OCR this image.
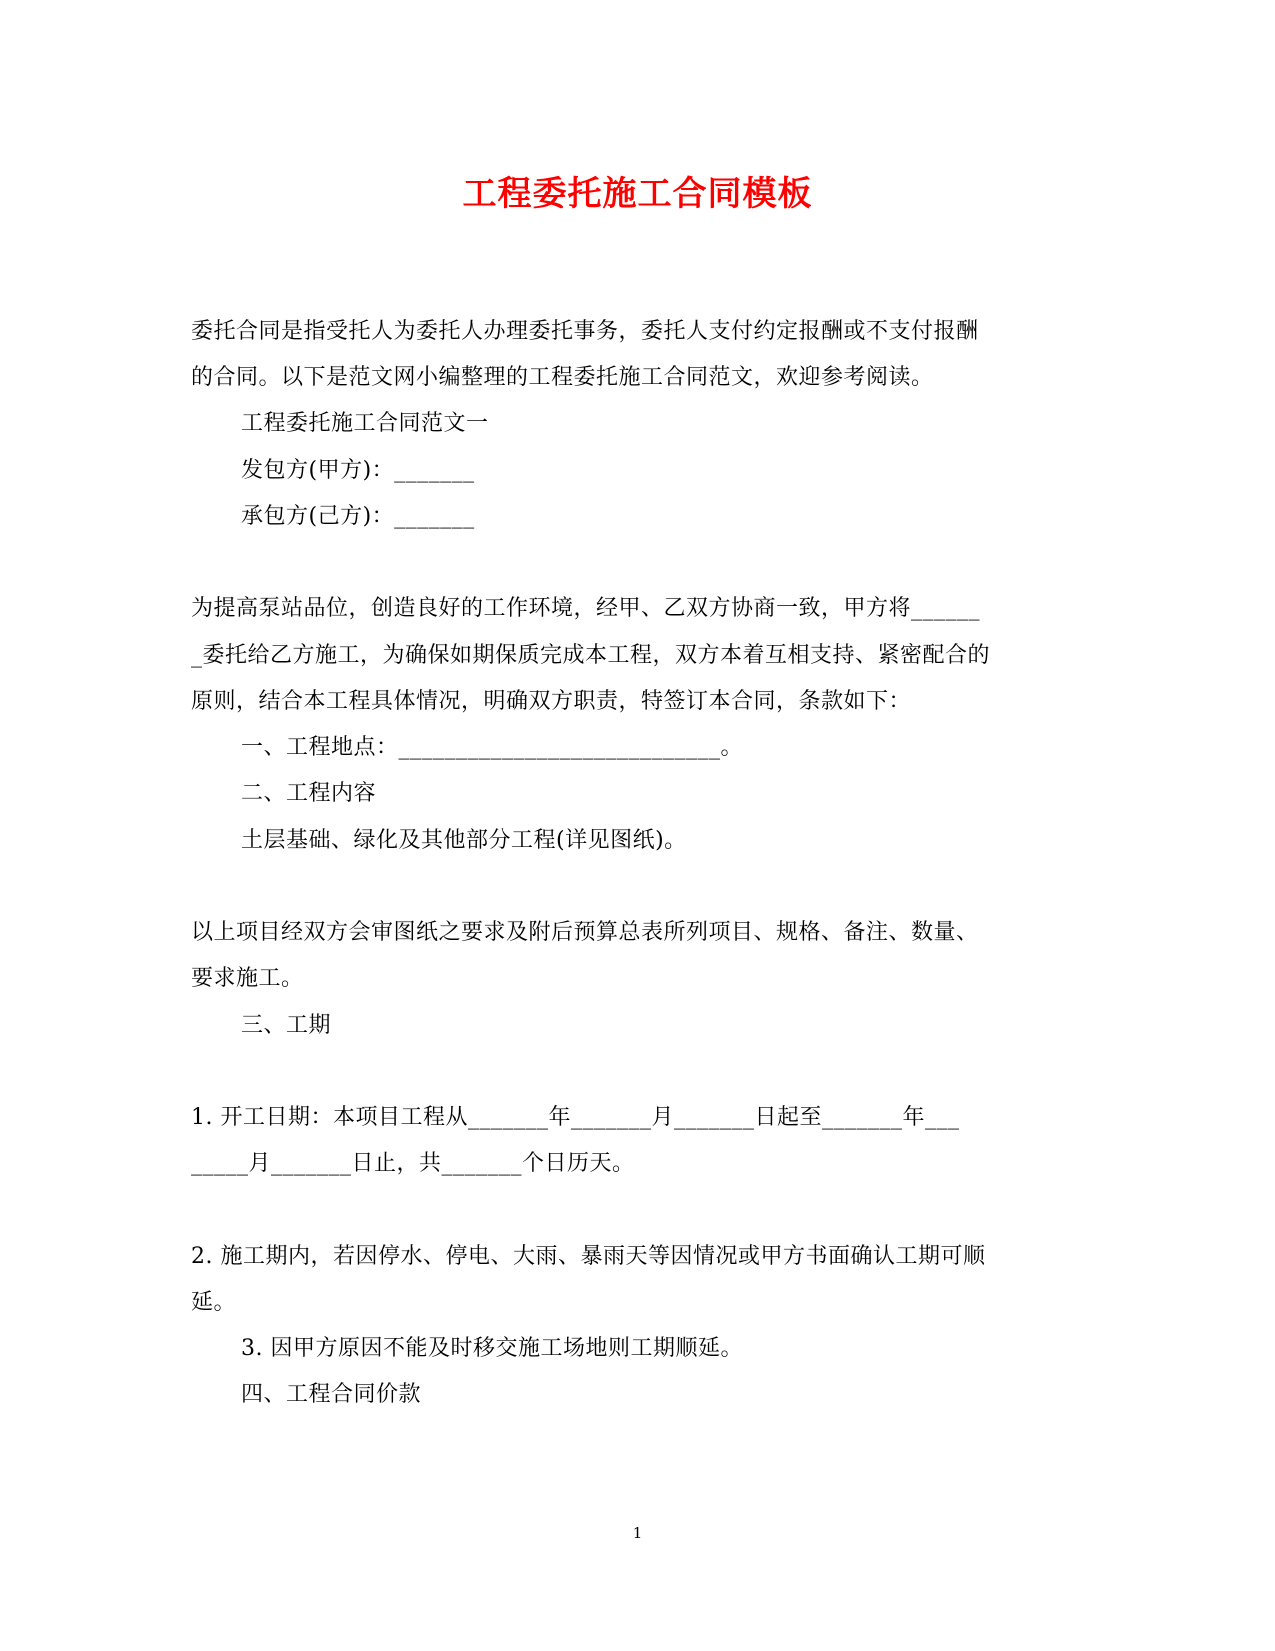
工程委托施工合同模板
委托合同是指受托人为委托人办理委托事务，委托人支付约定报酬或不支付报酬
的合同。以下是范文网小编整理的工程委托施工合同范文，欢迎参考阅读。
工程委托施工合同范文一
发包方(甲方)：_______
承包方(己方)：_______
为提高泵站品位，创造良好的工作环境，经甲、乙双方协商一致，甲方将______
_委托给乙方施工，为确保如期保质完成本工程，双方本着互相支持、紧密配合的
原则，结合本工程具体情况，明确双方职责，特签订本合同，条款如下：
一、工程地点：____________________________。
二、工程内容
土层基础、绿化及其他部分工程(详见图纸)。
以上项目经双方会审图纸之要求及附后预算总表所列项目、规格、备注、数量、
要求施工。
三、工期
1. 开工日期：本项目工程从_______年_______月_______日起至_______年___
_____月_______日止，共_______个日历天。
2. 施工期内，若因停水、停电、大雨、暴雨天等因情况或甲方书面确认工期可顺
延。
3. 因甲方原因不能及时移交施工场地则工期顺延。
四、工程合同价款
1
